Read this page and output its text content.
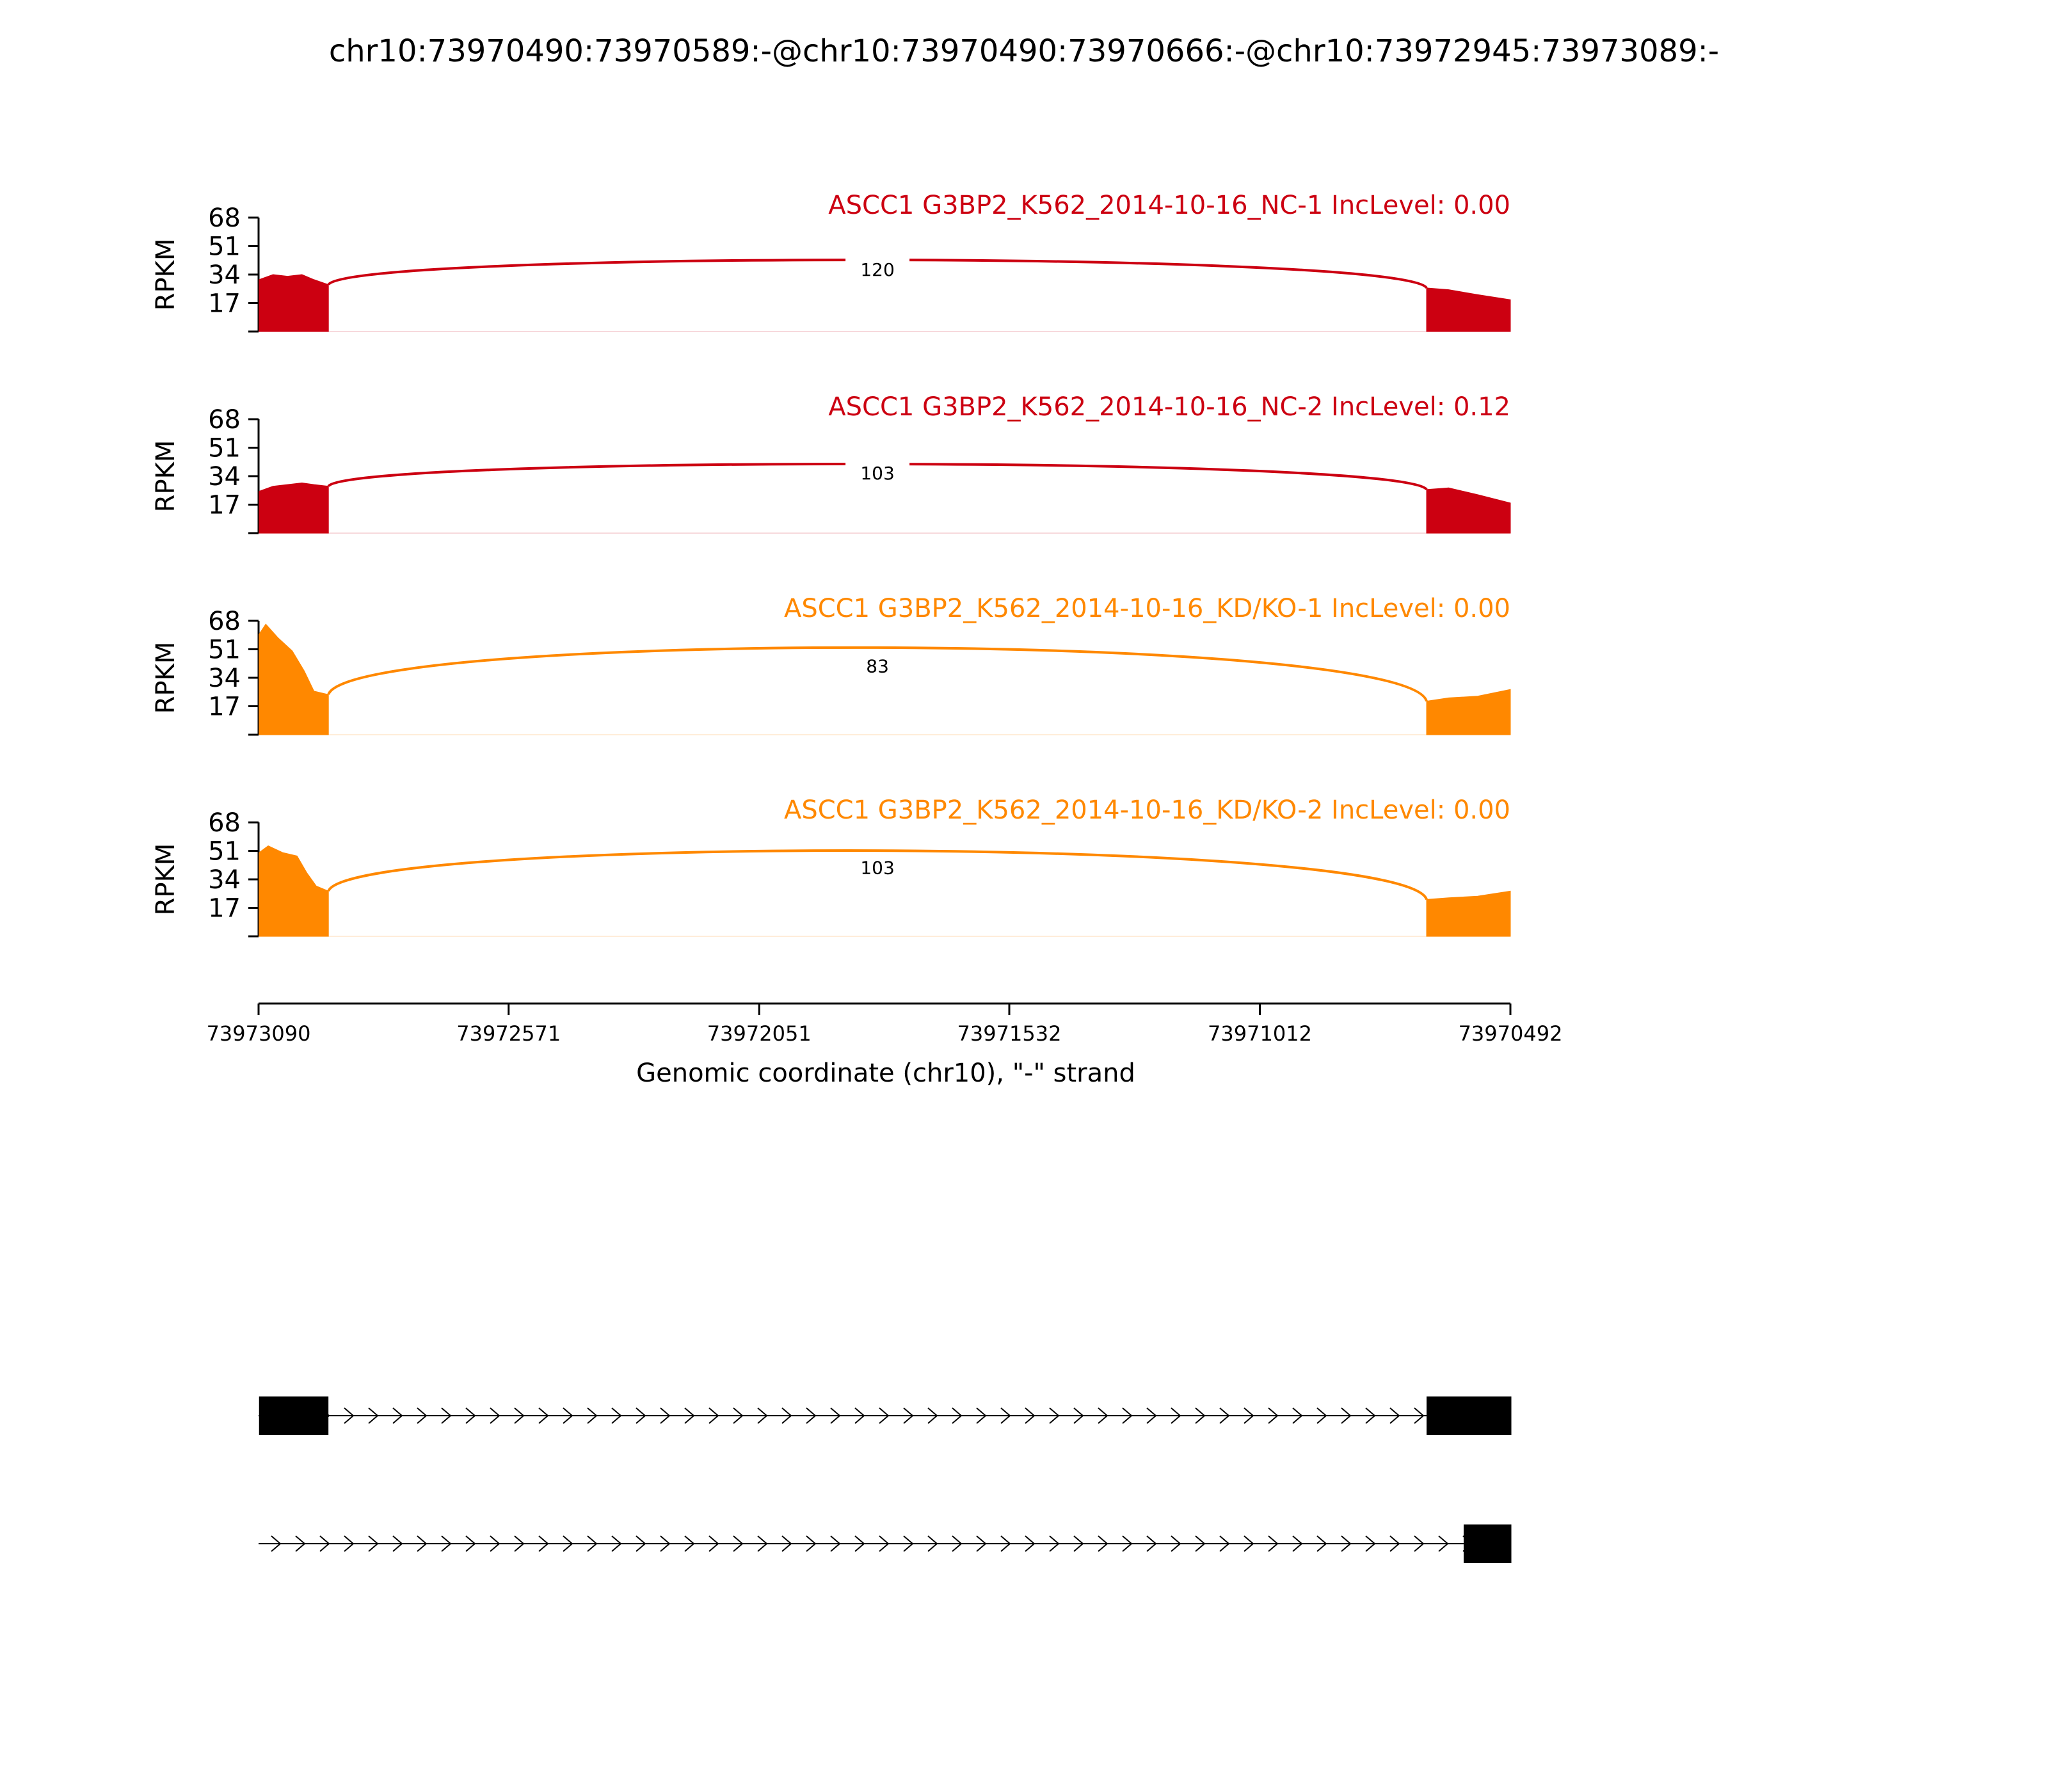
chr10:73970490:73970589:-@chr10:73970490:73970666:-@chr10:73972945:73973089:-
17
34
51
68
RPKM	120
ASCC1 G3BP2_K562_2014-10-16_NC-1 IncLevel: 0.00
17
34
51
68
RPKM	103
ASCC1 G3BP2_K562_2014-10-16_NC-2 IncLevel: 0.12
17
34
51
68
RPKM	83
ASCC1 G3BP2_K562_2014-10-16_KD/KO-1 IncLevel: 0.00
17
34
51
68
RPKM	103
ASCC1 G3BP2_K562_2014-10-16_KD/KO-2 IncLevel: 0.00
73973090	73972571	73972051	73971532	73971012	73970492
Genomic coordinate (chr10), "-" strand
